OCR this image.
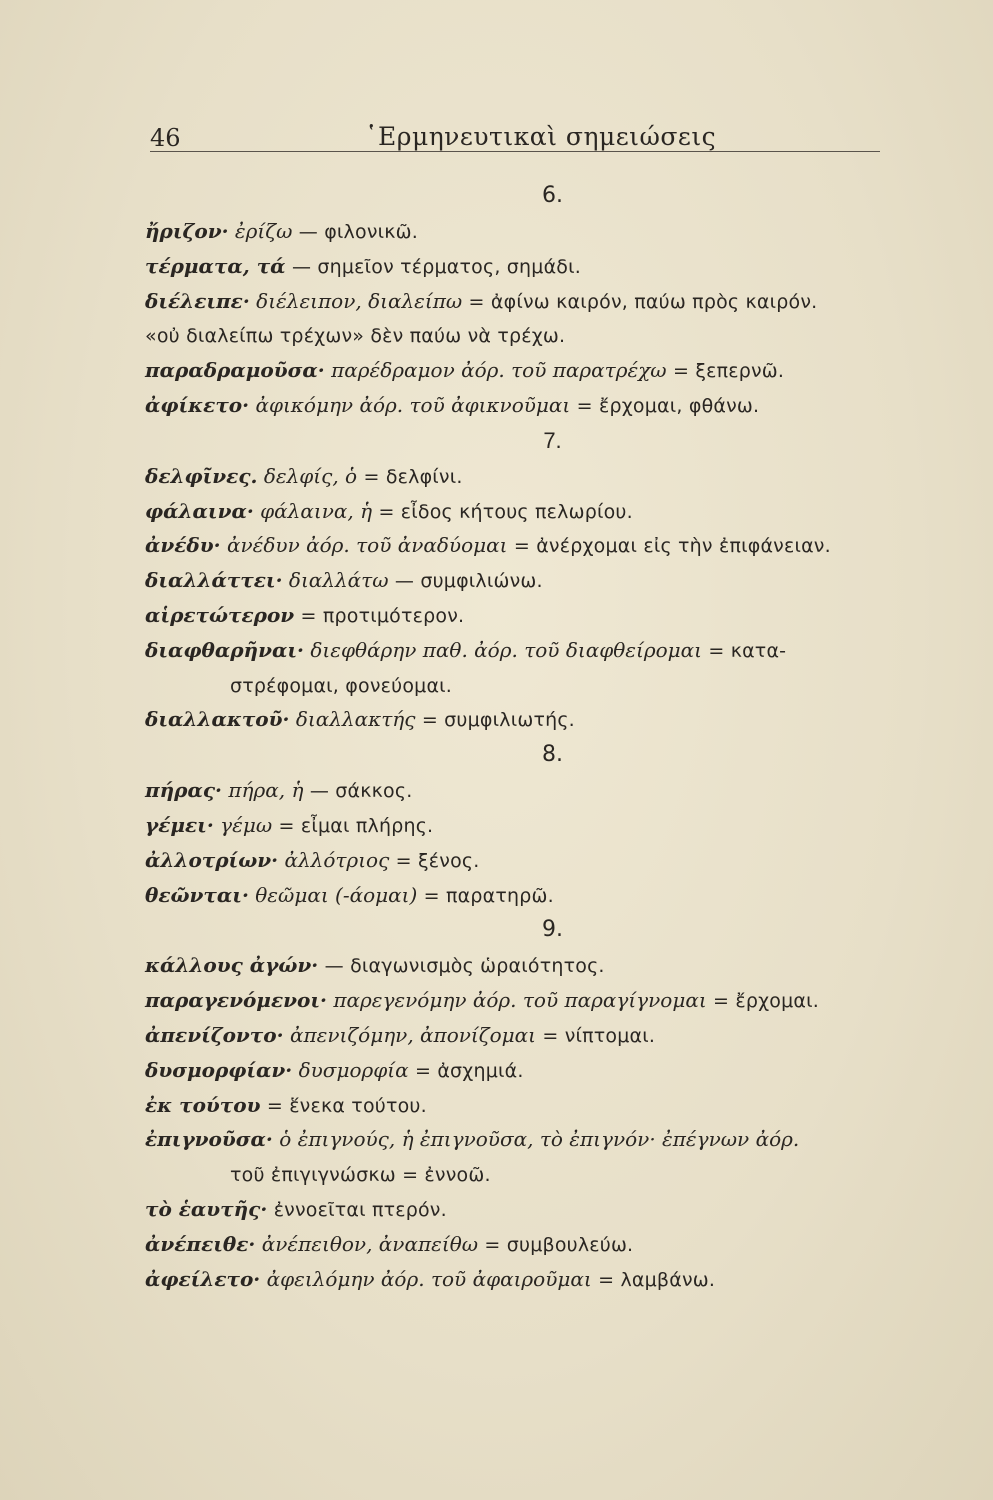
46	῾Ερμηνευτικαὶ σημειώσεις
6.
ἤριζον· ἐρίζω — φιλονικῶ.
τέρματα, τά — σημεῖον τέρματος, σημάδι.
διέλειπε· διέλειπον, διαλείπω = ἀφίνω καιρόν, παύω πρὸς καιρόν.
«οὐ διαλείπω τρέχων» δὲν παύω νὰ τρέχω.
παραδραμοῦσα· παρέδραμον ἀόρ. τοῦ παρατρέχω = ξεπερνῶ.
ἀφίκετο· ἀφικόμην ἀόρ. τοῦ ἀφικνοῦμαι = ἔρχομαι, φθάνω.
7.
δελφῖνες. δελφίς, ὁ = δελφίνι.
φάλαινα· φάλαινα, ἡ = εἶδος κήτους πελωρίου.
ἀνέδυ· ἀνέδυν ἀόρ. τοῦ ἀναδύομαι = ἀνέρχομαι εἰς τὴν ἐπιφάνειαν.
διαλλάττει· διαλλάτω — συμφιλιώνω.
αἱρετώτερον = προτιμότερον.
διαφθαρῆναι· διεφθάρην παθ. ἀόρ. τοῦ διαφθείρομαι = κατα-
στρέφομαι, φονεύομαι.
διαλλακτοῦ· διαλλακτής = συμφιλιωτής.
8.
πήρας· πήρα, ἡ — σάκκος.
γέμει· γέμω = εἶμαι πλήρης.
ἀλλοτρίων· ἀλλότριος = ξένος.
θεῶνται· θεῶμαι (-άομαι) = παρατηρῶ.
9.
κάλλους ἀγών· — διαγωνισμὸς ὡραιότητος.
παραγενόμενοι· παρεγενόμην ἀόρ. τοῦ παραγίγνομαι = ἔρχομαι.
ἀπενίζοντο· ἀπενιζόμην, ἀπονίζομαι = νίπτομαι.
δυσμορφίαν· δυσμορφία = ἀσχημιά.
ἐκ τούτου = ἕνεκα τούτου.
ἐπιγνοῦσα· ὁ ἐπιγνούς, ἡ ἐπιγνοῦσα, τὸ ἐπιγνόν· ἐπέγνων ἀόρ.
τοῦ ἐπιγιγνώσκω = ἐννοῶ.
τὸ ἑαυτῆς· ἐννοεῖται πτερόν.
ἀνέπειθε· ἀνέπειθον, ἀναπείθω = συμβουλεύω.
ἀφείλετο· ἀφειλόμην ἀόρ. τοῦ ἀφαιροῦμαι = λαμβάνω.
